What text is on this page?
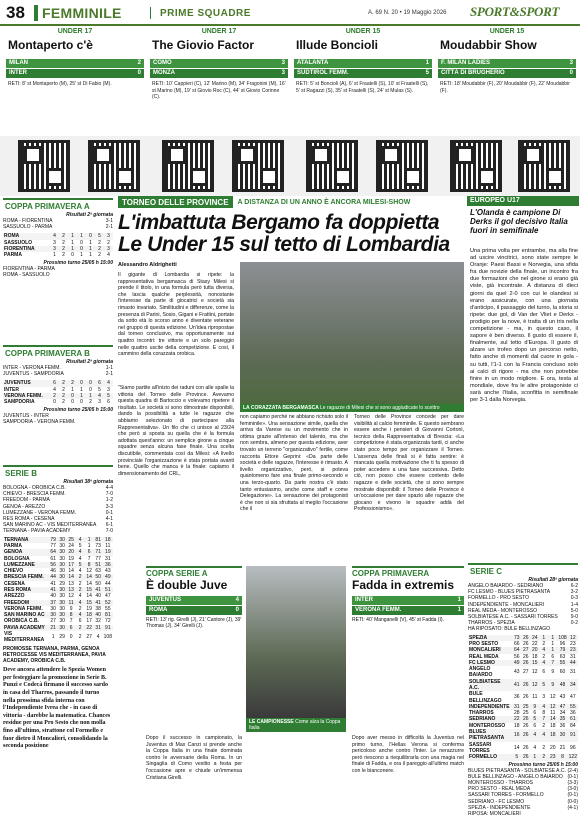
38 FEMMINILE	PRIME SQUADRE	A. 69 N. 20 • 19 Maggio 2026 SPORT&SPORT
UNDER 17
Montaperto c'è
MILAN	2
INTER	0
RETI: 8' st Montaperto (M), 25' st Di Fabio (M).
UNDER 17
The Giovio Factor
COMO	3
MONZA	3
RETI: 10' Cappieri (C), 12' Marino (M), 34' Fragonini (M), 16' st Marino (M), 19' st Giovio Roc (C), 44' st Giovio Corinne (C).
UNDER 15
Illude Boncioli
ATALANTA	1
SÜDTIROL FEMM.	5
RETI: 5' st Boncioli (A), 6' st Fraatelli (S), 10' st Fraatelli (S), 5' st Ragazzi (S), 35' st Fraatelli (S), 24' st Mulas (S).
UNDER 15
Moudabbir Show
F. MILAN LADIES	3
CITTÀ DI BRUGHERIO	0
RETI: 18' Moudabbir (F), 20' Moudabbir (F), 22' Moudabbir (F).
COPPA PRIMAVERA A
Risultati 2ª giornata
ROMA - FIORENTINA	3-1
SASSUOLO - PARMA	2-1
ROMA	4	2	1	1	0	5	3
SASSUOLO	3	2	1	0	1	2	2
FIORENTINA	3	2	1	0	1	2	3
PARMA	1	2	0	1	1	2	4
Prossimo turno 25/05 h 15:00
FIORENTINA - PARMA
ROMA - SASSUOLO
COPPA PRIMAVERA B
Risultati 2ª giornata
INTER - VERONA FEMM.	1-1
JUVENTUS - SAMPDORIA	2-1
JUVENTUS	6	2	2	0	0	6	4
INTER	4	2	1	1	0	5	3
VERONA FEMM.	2	2	0	1	1	4	5
SAMPDORIA	0	2	0	0	2	3	6
Prossimo turno 25/05 h 15:00
JUVENTUS - INTER
SAMPDORIA - VERONA FEMM.
SERIE B
Risultati 38ª giornata
BOLOGNA - OROBICA C.B.	4-4
CHIEVO - BRESCIA FEMM.	7-0
FREEDOM - PARMA	1-2
GENOA - AREZZO	3-3
LUMEZZANE - VERONA FEMM.	0-1
RES ROMA - CESENA	4-1
SAN MARINO AC - VIS MEDITERRANEA 6-1
TERNANA - PAVIA ACADEMY	7-0
TERNANA	79	30	25	4	1	81	18
PARMA	77	30	24	5	1	73	11
GENOA	64	30	20	4	6	71	19
BOLOGNA	61	30	19	4	7	77	31
LUMEZZANE	56	30	17	5	8	51	36
CHIEVO	46	30	14	4	12	63	43
BRESCIA FEMM.	44	30	14	2	14	50	49
CESENA	41	29	13	2	14	50	44
RES ROMA	41	30	13	2	15	41	51
AREZZO	40	30	12	4	14	40	47
FREEDOM	37	30	11	4	15	41	52
VERONA FEMM.	30	30	9	2	19	38	55
SAN MARINO AC	30	30	8	4	18	40	81
OROBICA C.B.	27	30	7	6	17	32	72
PAVIA ACADEMY	21	30	6	2	22	31	91
VIS MEDITERRANEA	1	29	0	2	27	4	108
PROMOSSE TERNANA, PARMA, GENOA RETROCESSE VIS MEDITERRANEA, PAVIA ACADEMY, OROBICA C.B.
Deve ancora attendere lo Spezia Women per festeggiare la promozione in Serie B. Punzi e Codecà firmano il successo sardo in casa del Tharros, passando il turno nella prossima sfida interna con l'Independiente Ivrea che - in caso di vittoria - darebbe la matematica. Chances residue per una Pro Sesto che non molla fino all'ultimo, strattone col Formello e fuor dietro il Moncalieri, consolidando la seconda posizione
TORNEO DELLE PROVINCE	A DISTANZA DI UN ANNO È ANCORA MILESI-SHOW
L'imbattuta Bergamo fa doppietta Le Under 15 sul tetto di Lombardia
Alessandro Aldrighetti
Il gigante di Lombardia si ripete: la rappresentativa bergamasca di Stasy Milesi si prende il titolo, in una formula però tutta diversa, che lascia qualche perplessità, nonostante l'interesse da parte di giocatrici e società sia rimasto invariato. Similitudini e differenze, come la presenza di Parini, Sosio, Gigani e Frattini, portate da sotto età lo scorso anno e diventate veterane nel gruppo di questa edizione. Un'idea ripropostae dal torneo conclusivo, ma opportunamente sui quattro incontri: tre vittorie e un solo pareggio nelle quattro uscite della competizione. E così, il cammino della corazzata orobica.
"Siamo partite all'inizio dei raduni con alle spalle la vittoria del Torneo delle Province. Avevamo questa quadra di Bartoccio e volevamo ripetere il risultato. Le società si sono dimostrate disponibili, dando la possibilità a tutte le ragazze che abbiamo selezionato di partecipare alla Rappresentativa». Un filo che ci unisce al 23/24 che però si sposta su quella che è la formula adottata quest'anno: un semplice girone a cinque squadre senza alcuna fase finale. Una scelta discutibile, commentata così da Milesi: «A livello provinciale l'organizzazione è stata portata avanti bene. Quello che manca è la finale: capiamo il dimensionamento del CRL,
LA CORAZZATA BERGAMASCA Le ragazze di Milesi che si sono aggiudicate lo scettro
non capiamo perché ne abbiano richiuto solo il femminile». Una sensazione simile, quella che arriva da Varese su un movimento che in ottima grazie all'intenso del talento, ma che non sembra, almeno per questa edizione, aver trovato un terreno "organizzativo" fertile, come racconta Ettore Geprini: «Da parte delle società e delle ragazze, l'interesse è rimasto. A livello organizzativo, però, si poteva quantomeno fare una finale primo-secondo e una terzo-quarto. Da parte nostra c'è stato tanto entusiasmo, anche come staff e come Delegazione». La sensazione dei protagonisti è che non si sia sfruttata al meglio l'occasione che il
Torneo delle Province concede per dare visibilità al calcio femminile. E questo sembrano essere anche i pensieri di Giovanni Cortoni, tecnico della Rappresentativa di Brescia: «La competizione è stata organizzata tardi, ci anche stato poco tempo per organizzare il Torneo. L'assenza delle finali si è fatta sentire: è mancata quella motivazione che ti fa spesso di poter accedere a una fase successiva. Detto ciò, non posso che essere contento delle ragazze e delle società, che si sono sempre mostrate disponibili: il Torneo delle Province è un'occasione per dare spazio alle ragazze che giocano e vivono le squadre addà del Professionismo».
COPPA SERIE A
È double Juve
JUVENTUS	4
ROMA	0
RETI: 13' rig. Girelli (J), 21' Cantore (J), 39' Thomas (J), 34' Girelli (J).
LE CAMPIONESSE Come alza la Coppa Italia
Dopo il successo in campionato, la Juventus di Max Canzi si prende anche la Coppa Italia in una finale dominata contro le avversarie della Roma. In un Singaglia di Como vestito a festa per l'occasione apre e chiude un'immensa Cristiana Girelli.
COPPA PRIMAVERA
Fadda in extremis
INTER	1
VERONA FEMM.	1
RETI: 40' Manganelli (V), 45' st Fadda (I).
Dopo aver messo in difficoltà la Juventus nel primo turno, l'Hellas Verona si conferma pericoloso anche contro l'Inter. Le nerazzurre però riescono a riequilibrarla con una magia nel finale di Fadda, e ora il pareggio all'ultimo match con le bianconere.
EUROPEO U17
L'Olanda è campione Di Derks il gol decisivo Italia fuori in semifinale
Una prima volta per entrambe, ma alla fine ad uscire vincitrici, sono state sempre le Oranje: Paesi Bassi e Norvegia, una sfida fra due novizie della finale, un incontro fra due formazioni che nel girone si erano già viste, già incontrate. A distanza di dieci giorni da quel 2-0 con cui le olandesi si erano assicurate, con una giornata d'anticipo, il passaggio del turno, la storia si ripete: due gol, di Van der Vliet e Derks - prodigio per la nove, è tratta di un tris nella competizione - ma, in questo caso, il sapore è ben diverso. Il gusto di essere il, finalmente, sul tetto d'Europa. Il gusto di alzare un trofeo dopo un percorso netto, fatto anche di momenti dal cuore in gola - su tutti, l'1-1 con la Francia concluso solo ai calci di rigore - ma che non potrebbe finire in un modo migliore. E ora, testa al mondiale, dove fra le altre protagoniste ci sarà anche l'Italia, sconfitta in semifinale per 3-1 dalla Norvegia.
SERIE C
Risultati 28ª giornata
ANGELO BAIARDO - SEDRIANO	6-2
FC LESMO - BLUES PIETRASANTA	3-2
FORMELLO - PRO SESTO	0-3
INDEPENDIENTE - MONCALIERI	1-4
REAL MEDA - MONTEROSSO	5-0
SOLBIATESE A.C. - SASSARI TORRES	9-0
THARROS - SPEZIA	0-2
HA RIPOSATO: BULE BELLINZAGO
SPEZIA	73	26	24	1	1	108	12
PRO SESTO	66	26	22	2	1	96	23
MONCALIERI	64	27	20	4	1	79	23
REAL MEDA	56	26	18	2	6	63	31
FC LESMO	49	26	15	4	7	55	44
ANGELO BAIARDO	43	27	12	6	9	60	31
SOLBIATESE A.C.	41	26	12	5	9	48	34
BULE BELLINZAGO	36	26	11	3	12	43	47
INDEPENDIENTE	31	25	9	4	12	47	55
THARROS	28	25	6	8	11	34	36
SEDRIANO	22	26	5	7	14	35	61
MONTEROSSO	18	26	6	2	18	36	84
BLUES PIETRASANTA	16	26	4	4	18	30	91
SASSARI TORRES	14	26	4	2	20	21	96
FORMELLO	5	26	1	2	23	8	122
Prossimo turno 25/05 h 15:00
BLUES PIETRASANTA - SOLBIATESE A.C. (2-4)
BULE BELLINZAGO - ANGELO BAIARDO (0-1)
MONTEROSSO - THARROS	(3-3)
PRO SESTO - REAL MEDA	(3-0)
SASSARI TORRES - FORMELLO	(0-1)
SEDRIANO - FC LESMO	(0-0)
SPEZIA - INDEPENDIENTE	(4-1)
RIPOSA: MONCALIERI
